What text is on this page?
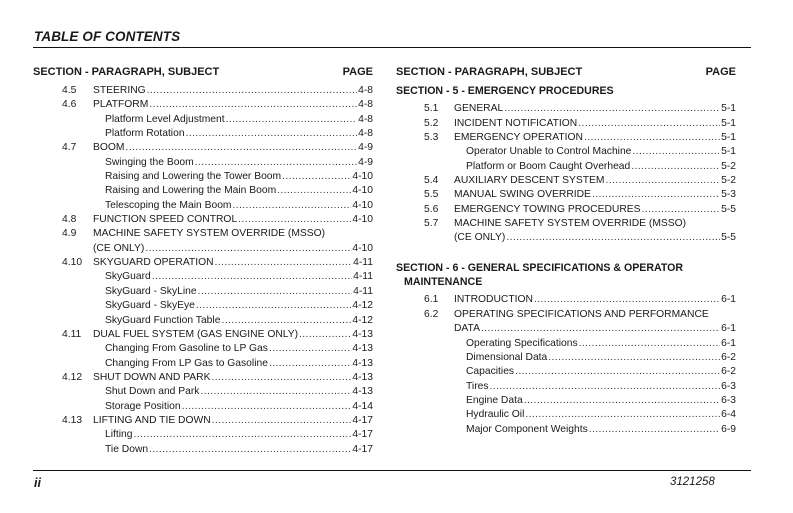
TABLE OF CONTENTS
SECTION - PARAGRAPH, SUBJECT	PAGE
4.5 STEERING .....	4-8
4.6 PLATFORM .....	4-8
Platform Level Adjustment .....	4-8
Platform Rotation .....	4-8
4.7 BOOM .....	4-9
Swinging the Boom .....	4-9
Raising and Lowering the Tower Boom .....	4-10
Raising and Lowering the Main Boom .....	4-10
Telescoping the Main Boom .....	4-10
4.8 FUNCTION SPEED CONTROL .....	4-10
4.9 MACHINE SAFETY SYSTEM OVERRIDE (MSSO)
(CE ONLY) .....	4-10
4.10 SKYGUARD OPERATION .....	4-11
SkyGuard .....	4-11
SkyGuard - SkyLine .....	4-11
SkyGuard - SkyEye .....	4-12
SkyGuard Function Table .....	4-12
4.11 DUAL FUEL SYSTEM (GAS ENGINE ONLY) .....	4-13
Changing From Gasoline to LP Gas .....	4-13
Changing From LP Gas to Gasoline .....	4-13
4.12 SHUT DOWN AND PARK .....	4-13
Shut Down and Park .....	4-13
Storage Position .....	4-14
4.13 LIFTING AND TIE DOWN .....	4-17
Lifting .....	4-17
Tie Down .....	4-17
SECTION - PARAGRAPH, SUBJECT	PAGE
SECTION - 5 - EMERGENCY PROCEDURES
5.1 GENERAL .....	5-1
5.2 INCIDENT NOTIFICATION .....	5-1
5.3 EMERGENCY OPERATION .....	5-1
Operator Unable to Control Machine .....	5-1
Platform or Boom Caught Overhead .....	5-2
5.4 AUXILIARY DESCENT SYSTEM .....	5-2
5.5 MANUAL SWING OVERRIDE .....	5-3
5.6 EMERGENCY TOWING PROCEDURES .....	5-5
5.7 MACHINE SAFETY SYSTEM OVERRIDE (MSSO)
(CE ONLY) .....	5-5
SECTION - 6 - GENERAL SPECIFICATIONS & OPERATOR
MAINTENANCE
6.1 INTRODUCTION .....	6-1
6.2 OPERATING SPECIFICATIONS AND PERFORMANCE
DATA .....	6-1
Operating Specifications .....	6-1
Dimensional Data .....	6-2
Capacities .....	6-2
Tires .....	6-3
Engine Data .....	6-3
Hydraulic Oil .....	6-4
Major Component Weights .....	6-9
ii	3121258
